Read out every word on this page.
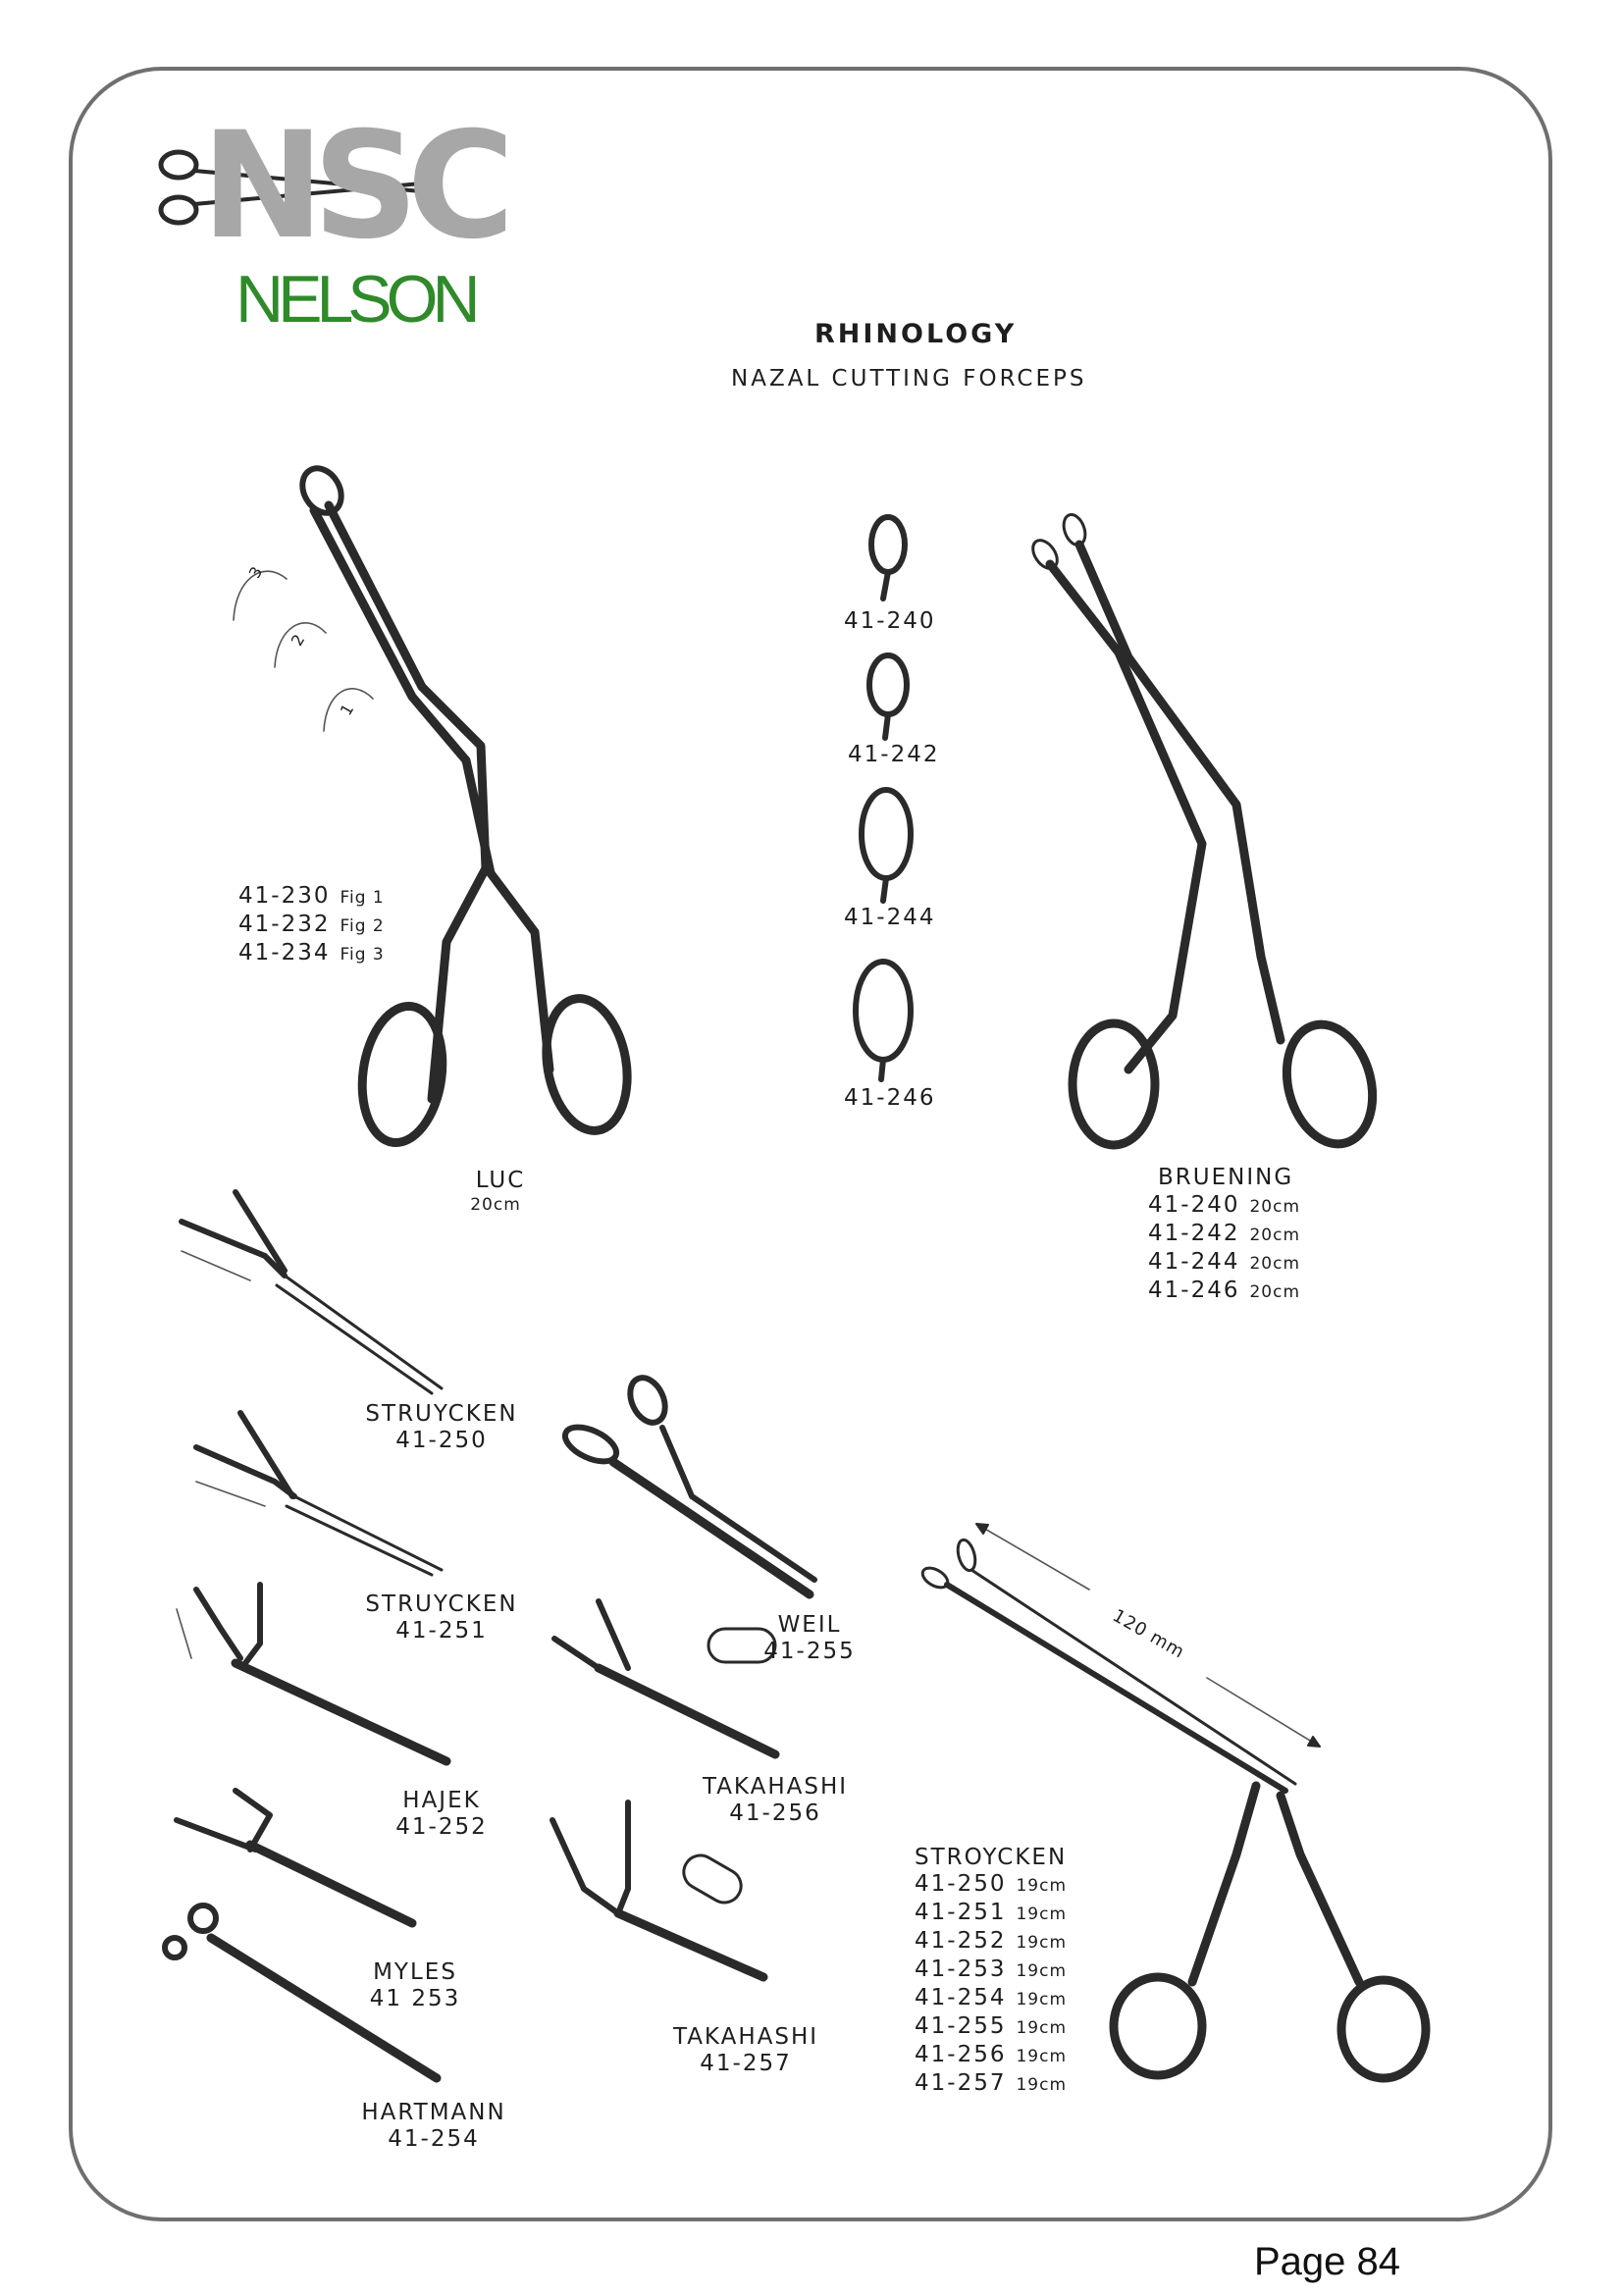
NSC
NELSON	RHINOLOGY
NAZAL CUTTING FORCEPS
41-230 Fig 1
41-232 Fig 2
41-234 Fig 3
3
2
1
LUC
20cm
41-240
41-242
41-244
41-246
BRUENING
41-240 20cm
41-242 20cm
41-244 20cm
41-246 20cm
STRUYCKEN
41-250
STRUYCKEN
41-251
HAJEK
41-252
MYLES
41 253
HARTMANN
41-254
WEIL
41-255
TAKAHASHI
41-256
TAKAHASHI
41-257
120 mm
STROYCKEN
41-250 19cm
41-251 19cm
41-252 19cm
41-253 19cm
41-254 19cm
41-255 19cm
41-256 19cm
41-257 19cm
Page 84
